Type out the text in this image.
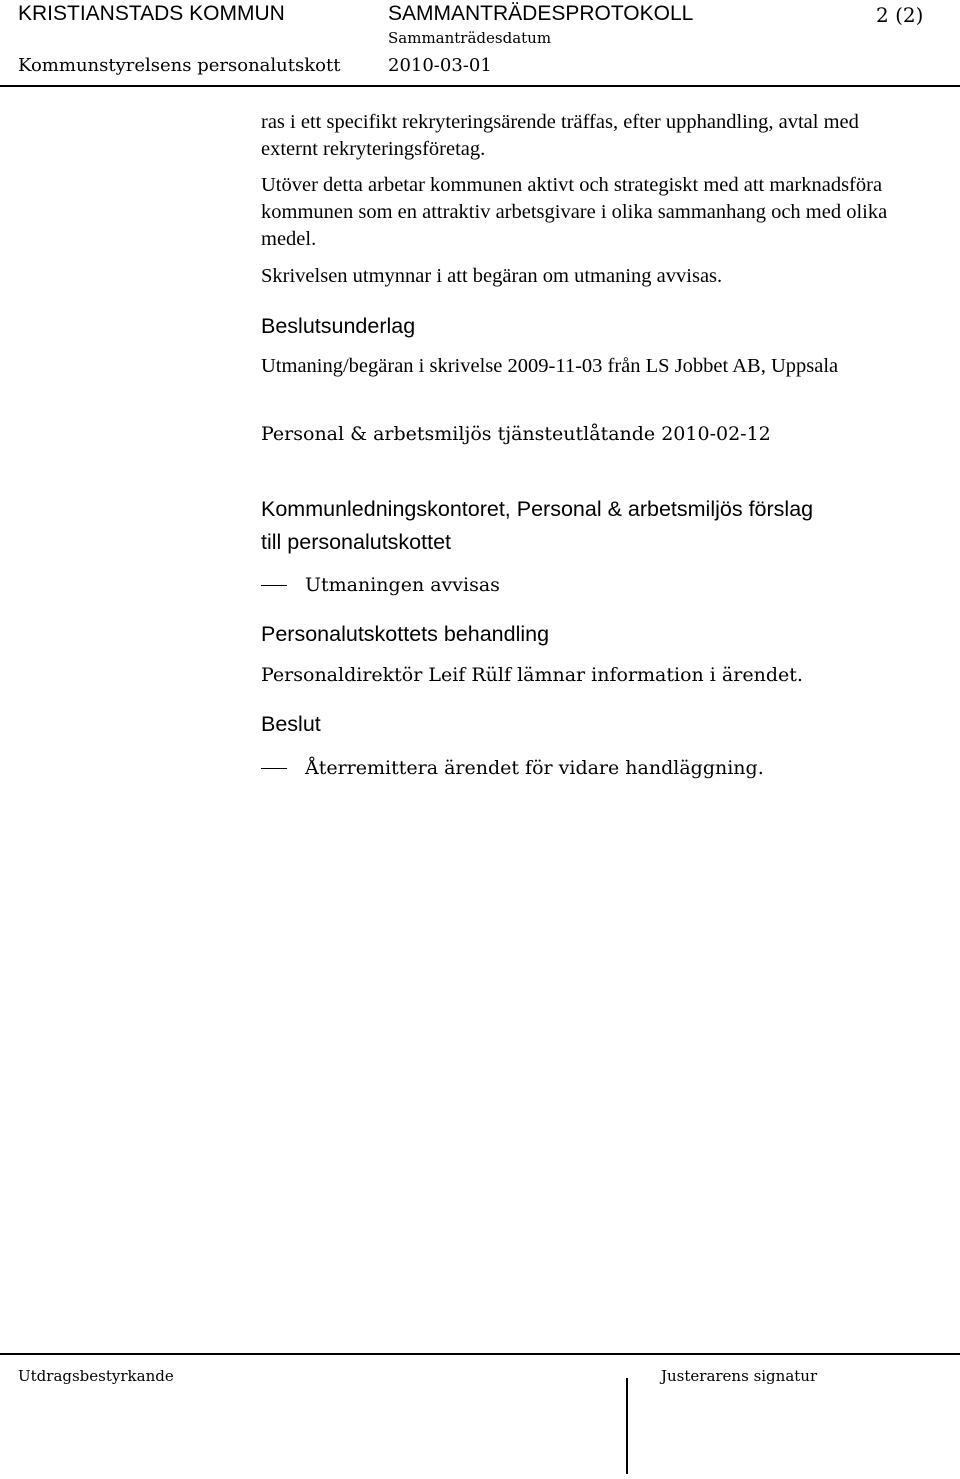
KRISTIANSTADS KOMMUN	SAMMANTRÄDESPROTOKOLL	2 (2)
Sammanträdesdatum
Kommunstyrelsens personalutskott	2010-03-01
ras i ett specifikt rekryteringsärende träffas, efter upphandling, avtal med externt rekryteringsföretag.
Utöver detta arbetar kommunen aktivt och strategiskt med att marknadsföra kommunen som en attraktiv arbetsgivare i olika sammanhang och med olika medel.
Skrivelsen utmynnar i att begäran om utmaning avvisas.
Beslutsunderlag
Utmaning/begäran i skrivelse 2009-11-03 från LS Jobbet AB, Uppsala
Personal & arbetsmiljös tjänsteutlåtande 2010-02-12
Kommunledningskontoret, Personal & arbetsmiljös förslag
till personalutskottet
Utmaningen avvisas
Personalutskottets behandling
Personaldirektör Leif Rülf lämnar information i ärendet.
Beslut
Återremittera ärendet för vidare handläggning.
Utdragsbestyrkande	Justerarens signatur
